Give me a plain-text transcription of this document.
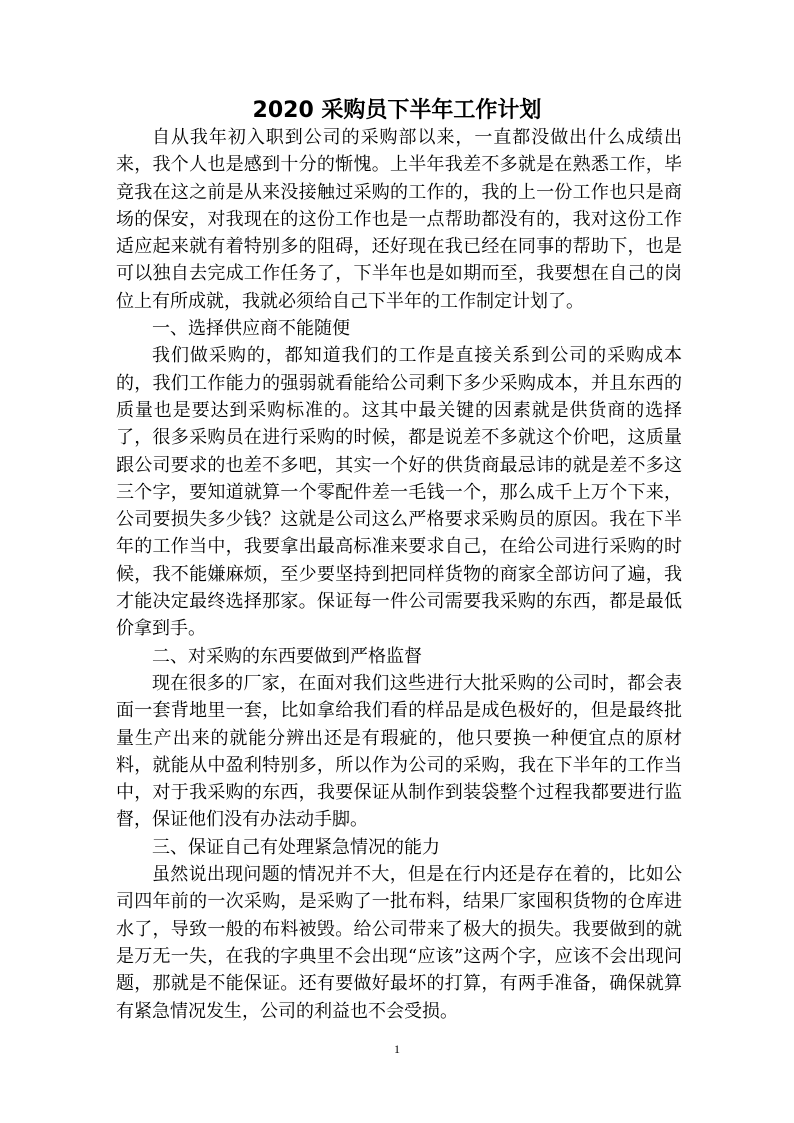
2020 采购员下半年工作计划

自从我年初入职到公司的采购部以来，一直都没做出什么成绩出来，我个人也是感到十分的惭愧。上半年我差不多就是在熟悉工作，毕竟我在这之前是从来没接触过采购的工作的，我的上一份工作也只是商场的保安，对我现在的这份工作也是一点帮助都没有的，我对这份工作适应起来就有着特别多的阻碍，还好现在我已经在同事的帮助下，也是可以独自去完成工作任务了，下半年也是如期而至，我要想在自己的岗位上有所成就，我就必须给自己下半年的工作制定计划了。

一、选择供应商不能随便

我们做采购的，都知道我们的工作是直接关系到公司的采购成本的，我们工作能力的强弱就看能给公司剩下多少采购成本，并且东西的质量也是要达到采购标准的。这其中最关键的因素就是供货商的选择了，很多采购员在进行采购的时候，都是说差不多就这个价吧，这质量跟公司要求的也差不多吧，其实一个好的供货商最忌讳的就是差不多这三个字，要知道就算一个零配件差一毛钱一个，那么成千上万个下来，公司要损失多少钱？这就是公司这么严格要求采购员的原因。我在下半年的工作当中，我要拿出最高标准来要求自己，在给公司进行采购的时候，我不能嫌麻烦，至少要坚持到把同样货物的商家全部访问了遍，我才能决定最终选择那家。保证每一件公司需要我采购的东西，都是最低价拿到手。

二、对采购的东西要做到严格监督

现在很多的厂家，在面对我们这些进行大批采购的公司时，都会表面一套背地里一套，比如拿给我们看的样品是成色极好的，但是最终批量生产出来的就能分辨出还是有瑕疵的，他只要换一种便宜点的原材料，就能从中盈利特别多，所以作为公司的采购，我在下半年的工作当中，对于我采购的东西，我要保证从制作到装袋整个过程我都要进行监督，保证他们没有办法动手脚。

三、保证自己有处理紧急情况的能力

虽然说出现问题的情况并不大，但是在行内还是存在着的，比如公司四年前的一次采购，是采购了一批布料，结果厂家囤积货物的仓库进水了，导致一般的布料被毁。给公司带来了极大的损失。我要做到的就是万无一失，在我的字典里不会出现“应该”这两个字，应该不会出现问题，那就是不能保证。还有要做好最坏的打算，有两手准备，确保就算有紧急情况发生，公司的利益也不会受损。

1
